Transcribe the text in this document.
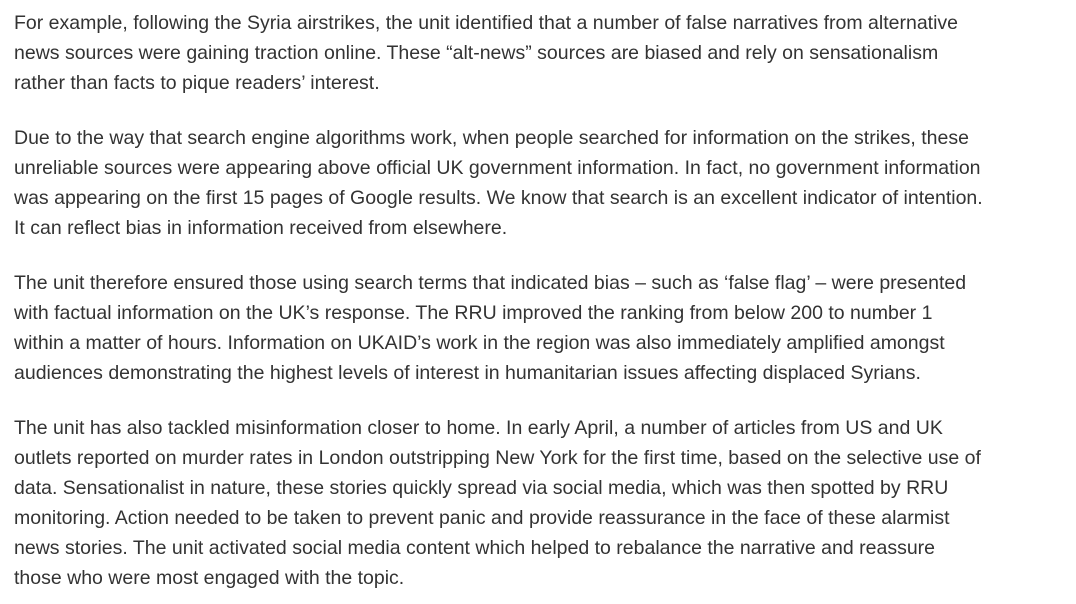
For example, following the Syria airstrikes, the unit identified that a number of false narratives from alternative
news sources were gaining traction online. These “alt-news” sources are biased and rely on sensationalism
rather than facts to pique readers’ interest.

Due to the way that search engine algorithms work, when people searched for information on the strikes, these
unreliable sources were appearing above official UK government information. In fact, no government information
was appearing on the first 15 pages of Google results. We know that search is an excellent indicator of intention.
It can reflect bias in information received from elsewhere.

The unit therefore ensured those using search terms that indicated bias – such as ‘false flag’ – were presented
with factual information on the UK’s response. The RRU improved the ranking from below 200 to number 1
within a matter of hours. Information on UKAID’s work in the region was also immediately amplified amongst
audiences demonstrating the highest levels of interest in humanitarian issues affecting displaced Syrians.

The unit has also tackled misinformation closer to home. In early April, a number of articles from US and UK
outlets reported on murder rates in London outstripping New York for the first time, based on the selective use of
data. Sensationalist in nature, these stories quickly spread via social media, which was then spotted by RRU
monitoring. Action needed to be taken to prevent panic and provide reassurance in the face of these alarmist
news stories. The unit activated social media content which helped to rebalance the narrative and reassure
those who were most engaged with the topic.
